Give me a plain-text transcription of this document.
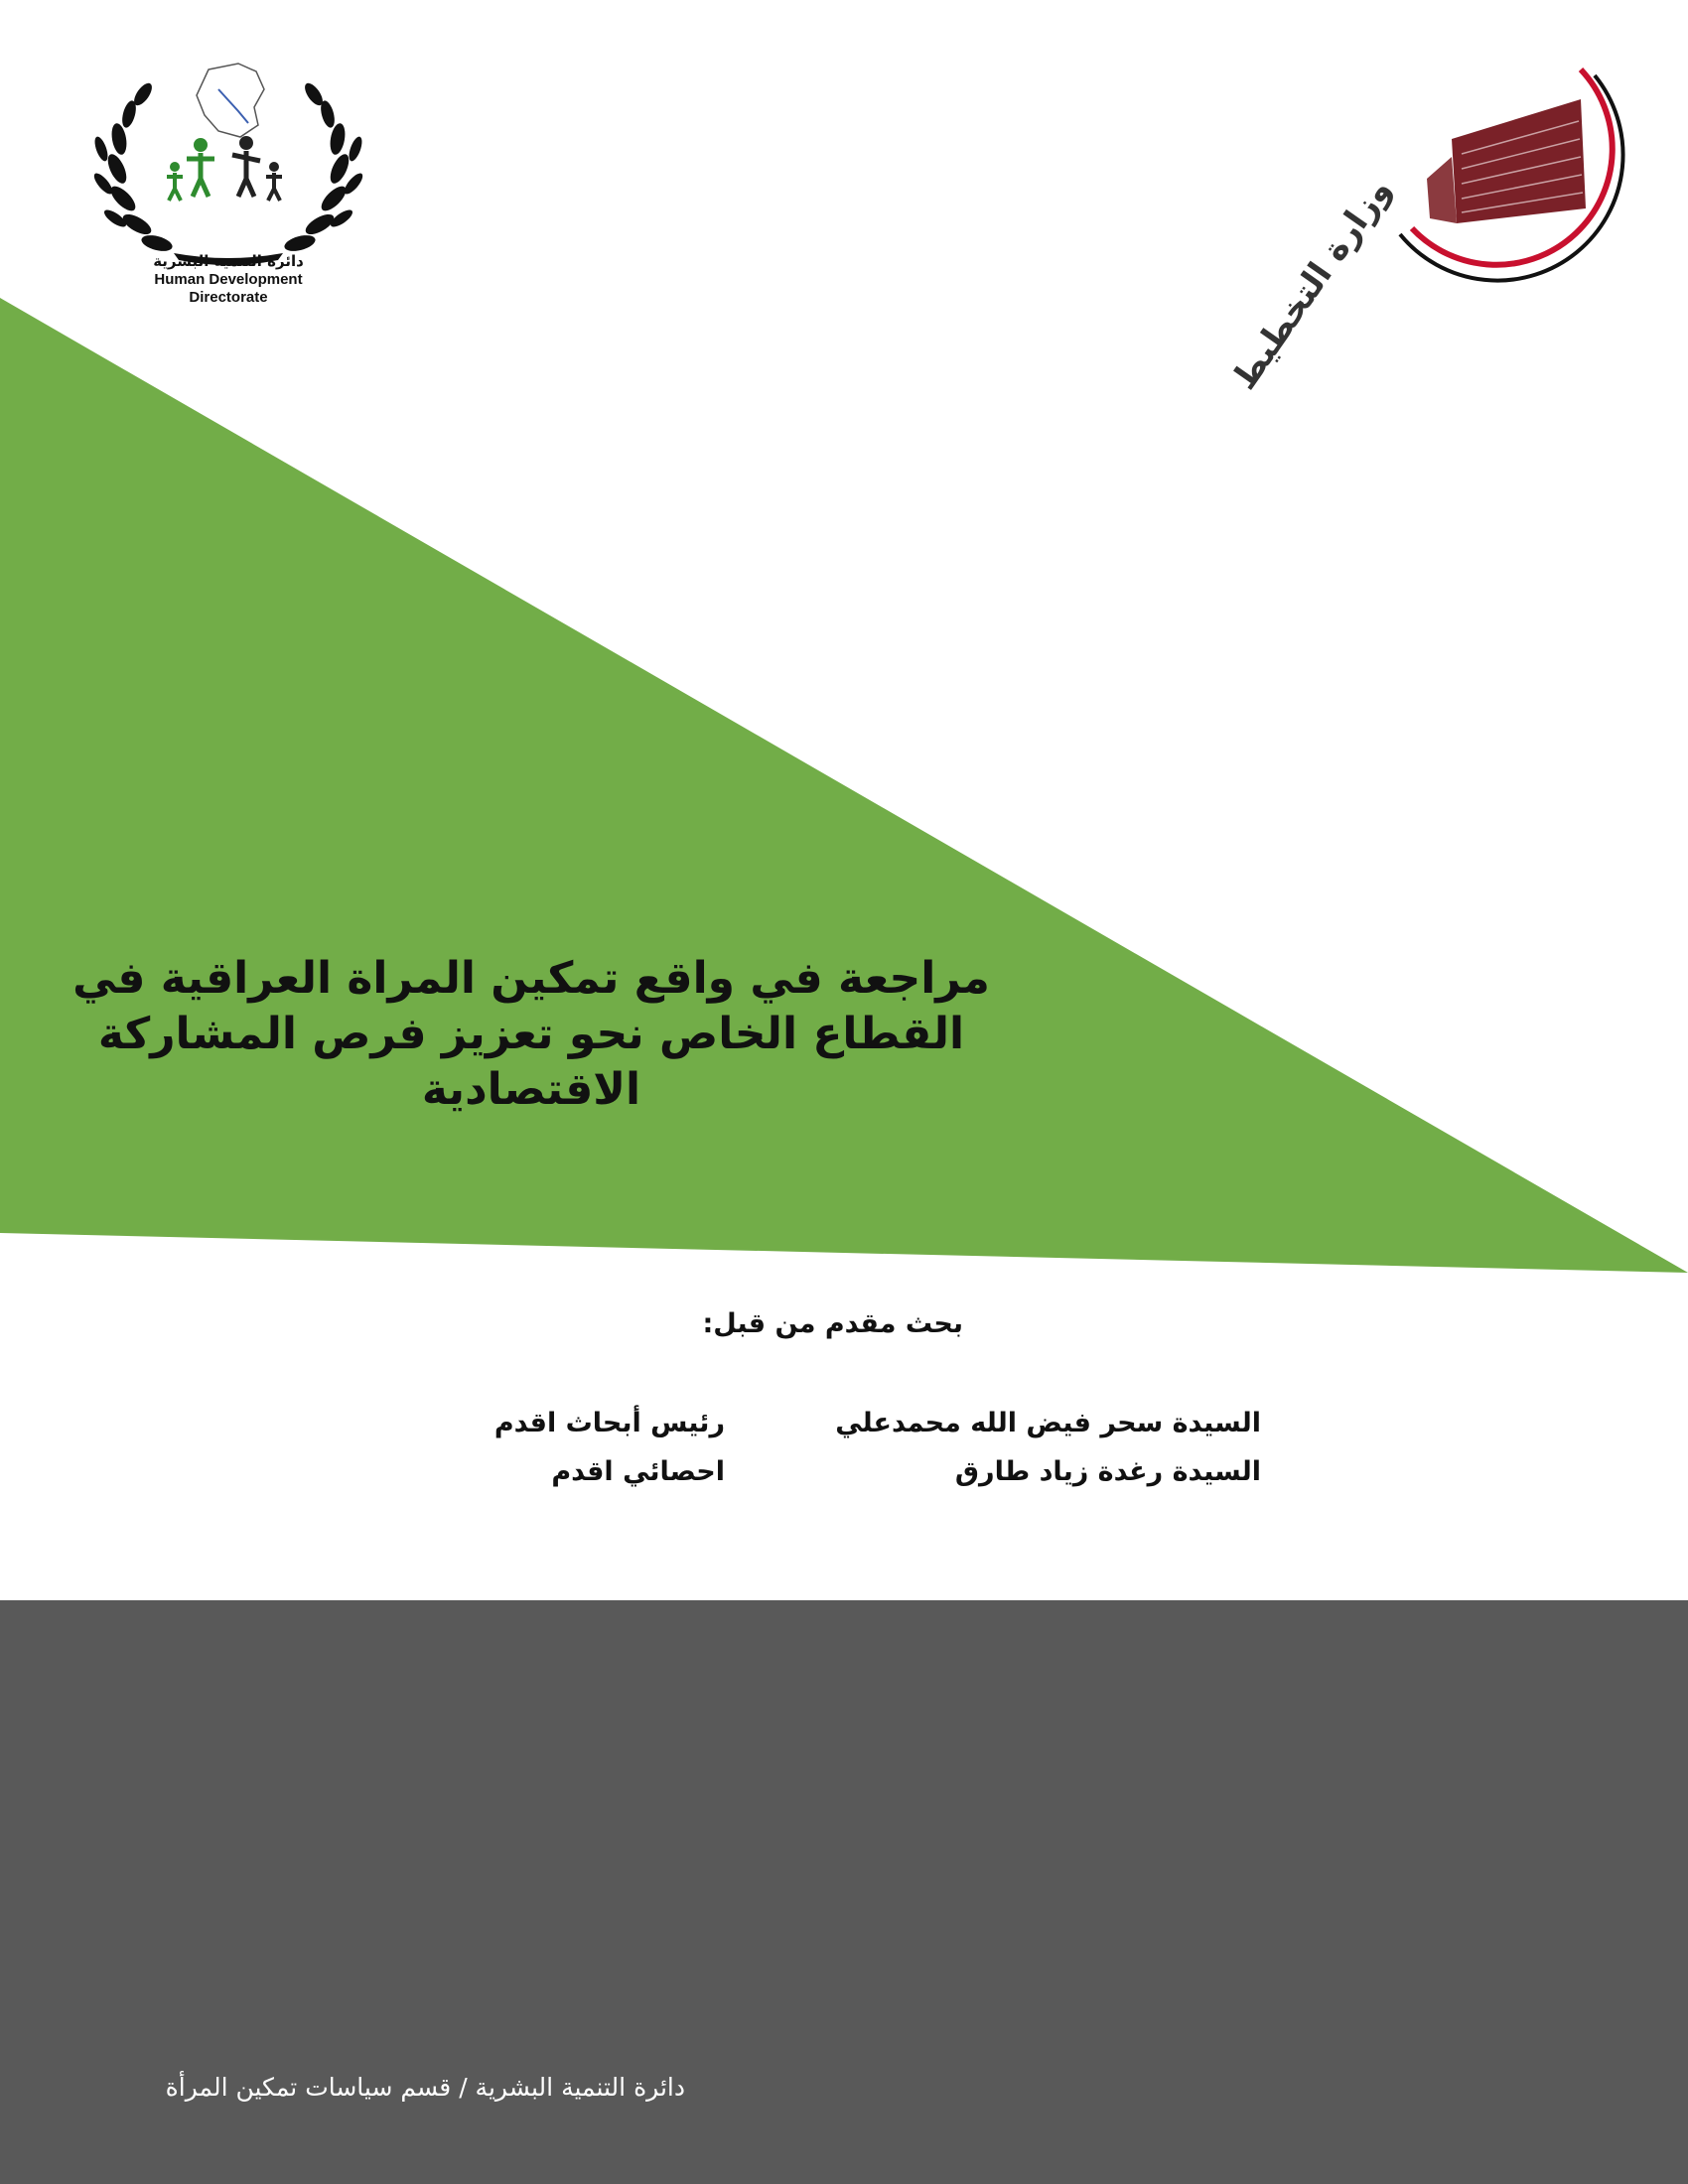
دائرة التنمية البشرية
Human Development
Directorate	وزارة التخطيط
مراجعة في واقع تمكين المراة العراقية في
القطاع الخاص نحو تعزيز فرص المشاركة
الاقتصادية
بحث مقدم من قبل:
السيدة سحر فيض الله محمدعلي
رئيس أبحاث اقدم
السيدة رغدة زياد طارق
احصائي اقدم
دائرة التنمية البشرية / قسم سياسات تمكين المرأة
